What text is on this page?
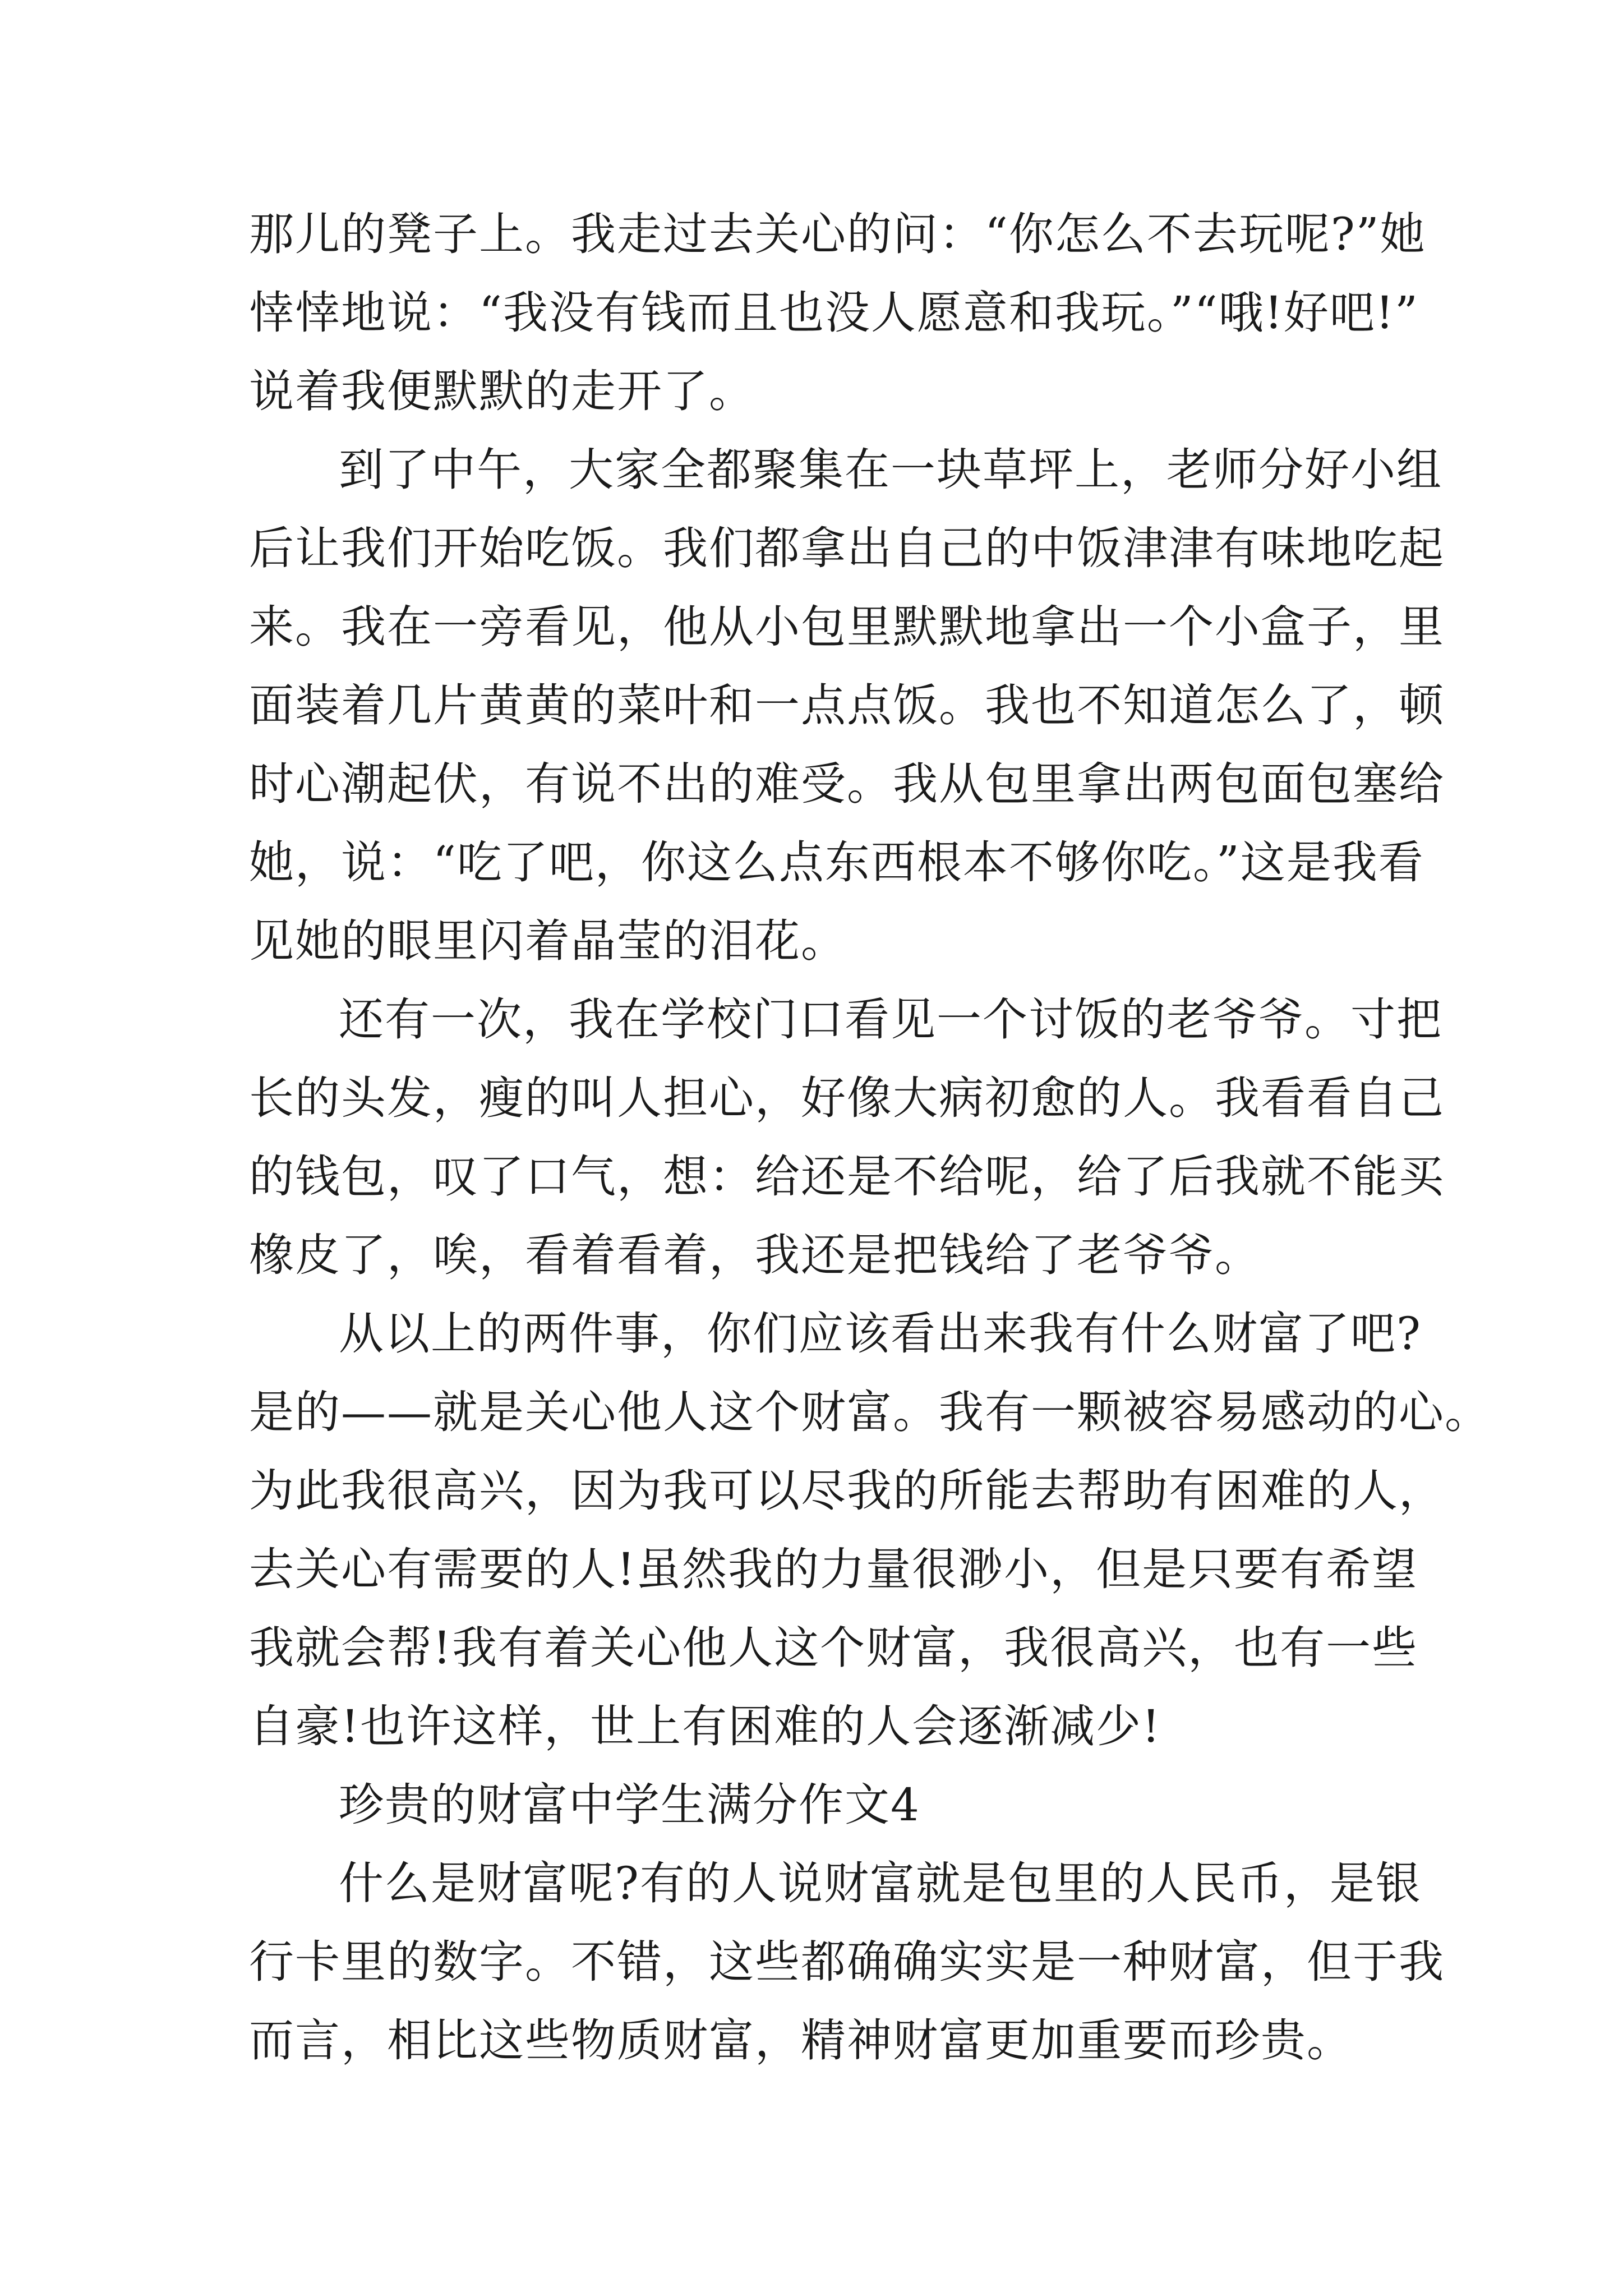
那儿的凳子上。我走过去关心的问：“你怎么不去玩呢?”她
悻悻地说：“我没有钱而且也没人愿意和我玩。”“哦!好吧!”
说着我便默默的走开了。
到了中午，大家全都聚集在一块草坪上，老师分好小组
后让我们开始吃饭。我们都拿出自己的中饭津津有味地吃起
来。我在一旁看见，他从小包里默默地拿出一个小盒子，里
面装着几片黄黄的菜叶和一点点饭。我也不知道怎么了，顿
时心潮起伏，有说不出的难受。我从包里拿出两包面包塞给
她，说：“吃了吧，你这么点东西根本不够你吃。”这是我看
见她的眼里闪着晶莹的泪花。
还有一次，我在学校门口看见一个讨饭的老爷爷。寸把
长的头发，瘦的叫人担心，好像大病初愈的人。我看看自己
的钱包，叹了口气，想：给还是不给呢，给了后我就不能买
橡皮了，唉，看着看着，我还是把钱给了老爷爷。
从以上的两件事，你们应该看出来我有什么财富了吧?
是的——就是关心他人这个财富。我有一颗被容易感动的心。
为此我很高兴，因为我可以尽我的所能去帮助有困难的人，
去关心有需要的人!虽然我的力量很渺小，但是只要有希望
我就会帮!我有着关心他人这个财富，我很高兴，也有一些
自豪!也许这样，世上有困难的人会逐渐减少!
珍贵的财富中学生满分作文4
什么是财富呢?有的人说财富就是包里的人民币，是银
行卡里的数字。不错，这些都确确实实是一种财富，但于我
而言，相比这些物质财富，精神财富更加重要而珍贵。
